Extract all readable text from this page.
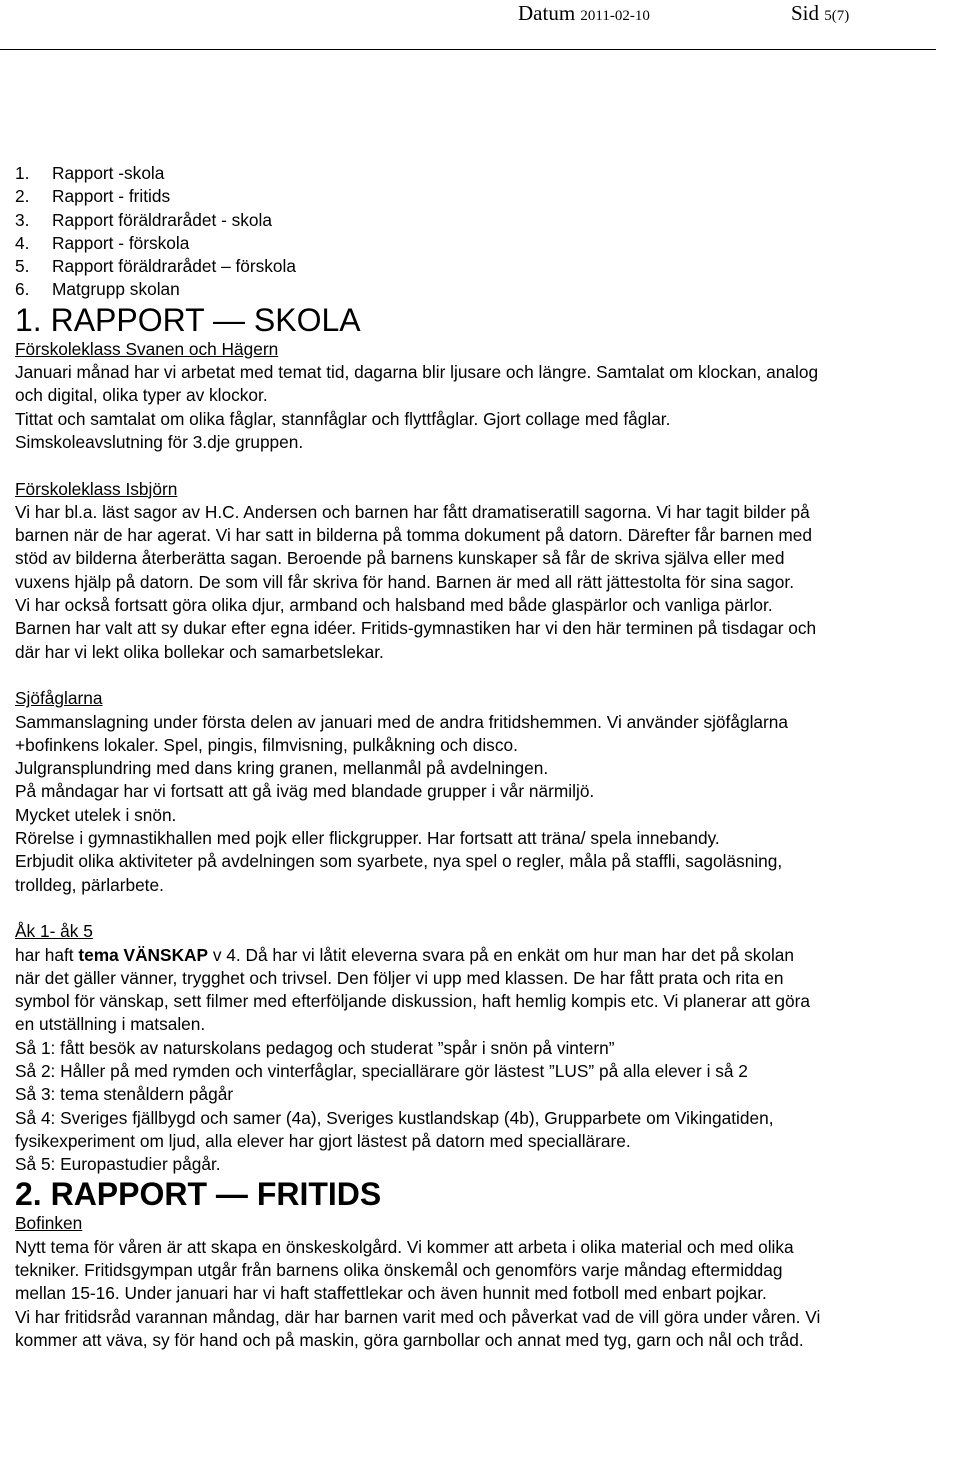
Datum 2011-02-10	Sid 5(7)
1. Rapport -skola
2. Rapport - fritids
3. Rapport föräldrarådet - skola
4. Rapport - förskola
5. Rapport föräldrarådet – förskola
6. Matgrupp skolan
1. RAPPORT — SKOLA
Förskoleklass Svanen och Hägern

Januari månad har vi arbetat med temat tid, dagarna blir ljusare och längre. Samtalat om klockan, analog

och digital, olika typer av klockor.

Tittat och samtalat om olika fåglar, stannfåglar och flyttfåglar. Gjort collage med fåglar.

Simskoleavslutning för 3.dje gruppen.

Förskoleklass Isbjörn

Vi har bl.a. läst sagor av H.C. Andersen och barnen har fått dramatiseratill sagorna. Vi har tagit bilder på

barnen när de har agerat. Vi har satt in bilderna på tomma dokument på datorn. Därefter får barnen med

stöd av bilderna återberätta sagan. Beroende på barnens kunskaper så får de skriva själva eller med

vuxens hjälp på datorn. De som vill får skriva för hand. Barnen är med all rätt jättestolta för sina sagor.

Vi har också fortsatt göra olika djur, armband och halsband med både glaspärlor och vanliga pärlor.

Barnen har valt att sy dukar efter egna idéer. Fritids-gymnastiken har vi den här terminen på tisdagar och

där har vi lekt olika bollekar och samarbetslekar.

Sjöfåglarna

Sammanslagning under första delen av januari med de andra fritidshemmen. Vi använder sjöfåglarna

+bofinkens lokaler. Spel, pingis, filmvisning, pulkåkning och disco.

Julgransplundring med dans kring granen, mellanmål på avdelningen.

På måndagar har vi fortsatt att gå iväg med blandade grupper i vår närmiljö.

Mycket utelek i snön.

Rörelse i gymnastikhallen med pojk eller flickgrupper. Har fortsatt att träna/ spela innebandy.

Erbjudit olika aktiviteter på avdelningen som syarbete, nya spel o regler, måla på staffli, sagoläsning,

trolldeg, pärlarbete.

Åk 1- åk 5

har haft tema VÄNSKAP v 4. Då har vi låtit eleverna svara på en enkät om hur man har det på skolan

när det gäller vänner, trygghet och trivsel. Den följer vi upp med klassen. De har fått prata och rita en

symbol för vänskap, sett filmer med efterföljande diskussion, haft hemlig kompis etc. Vi planerar att göra

en utställning i matsalen.

Så 1: fått besök av naturskolans pedagog och studerat ”spår i snön på vintern”

Så 2: Håller på med rymden och vinterfåglar, speciallärare gör lästest ”LUS” på alla elever i så 2

Så 3: tema stenåldern pågår

Så 4: Sveriges fjällbygd och samer (4a), Sveriges kustlandskap (4b), Grupparbete om Vikingatiden,

fysikexperiment om ljud, alla elever har gjort lästest på datorn med speciallärare.

Så 5: Europastudier pågår.

2. RAPPORT — FRITIDS
Bofinken

Nytt tema för våren är att skapa en önskeskolgård. Vi kommer att arbeta i olika material och med olika

tekniker. Fritidsgympan utgår från barnens olika önskemål och genomförs varje måndag eftermiddag

mellan 15-16. Under januari har vi haft staffettlekar och även hunnit med fotboll med enbart pojkar.

Vi har fritidsråd varannan måndag, där har barnen varit med och påverkat vad de vill göra under våren. Vi

kommer att väva, sy för hand och på maskin, göra garnbollar och annat med tyg, garn och nål och tråd.
